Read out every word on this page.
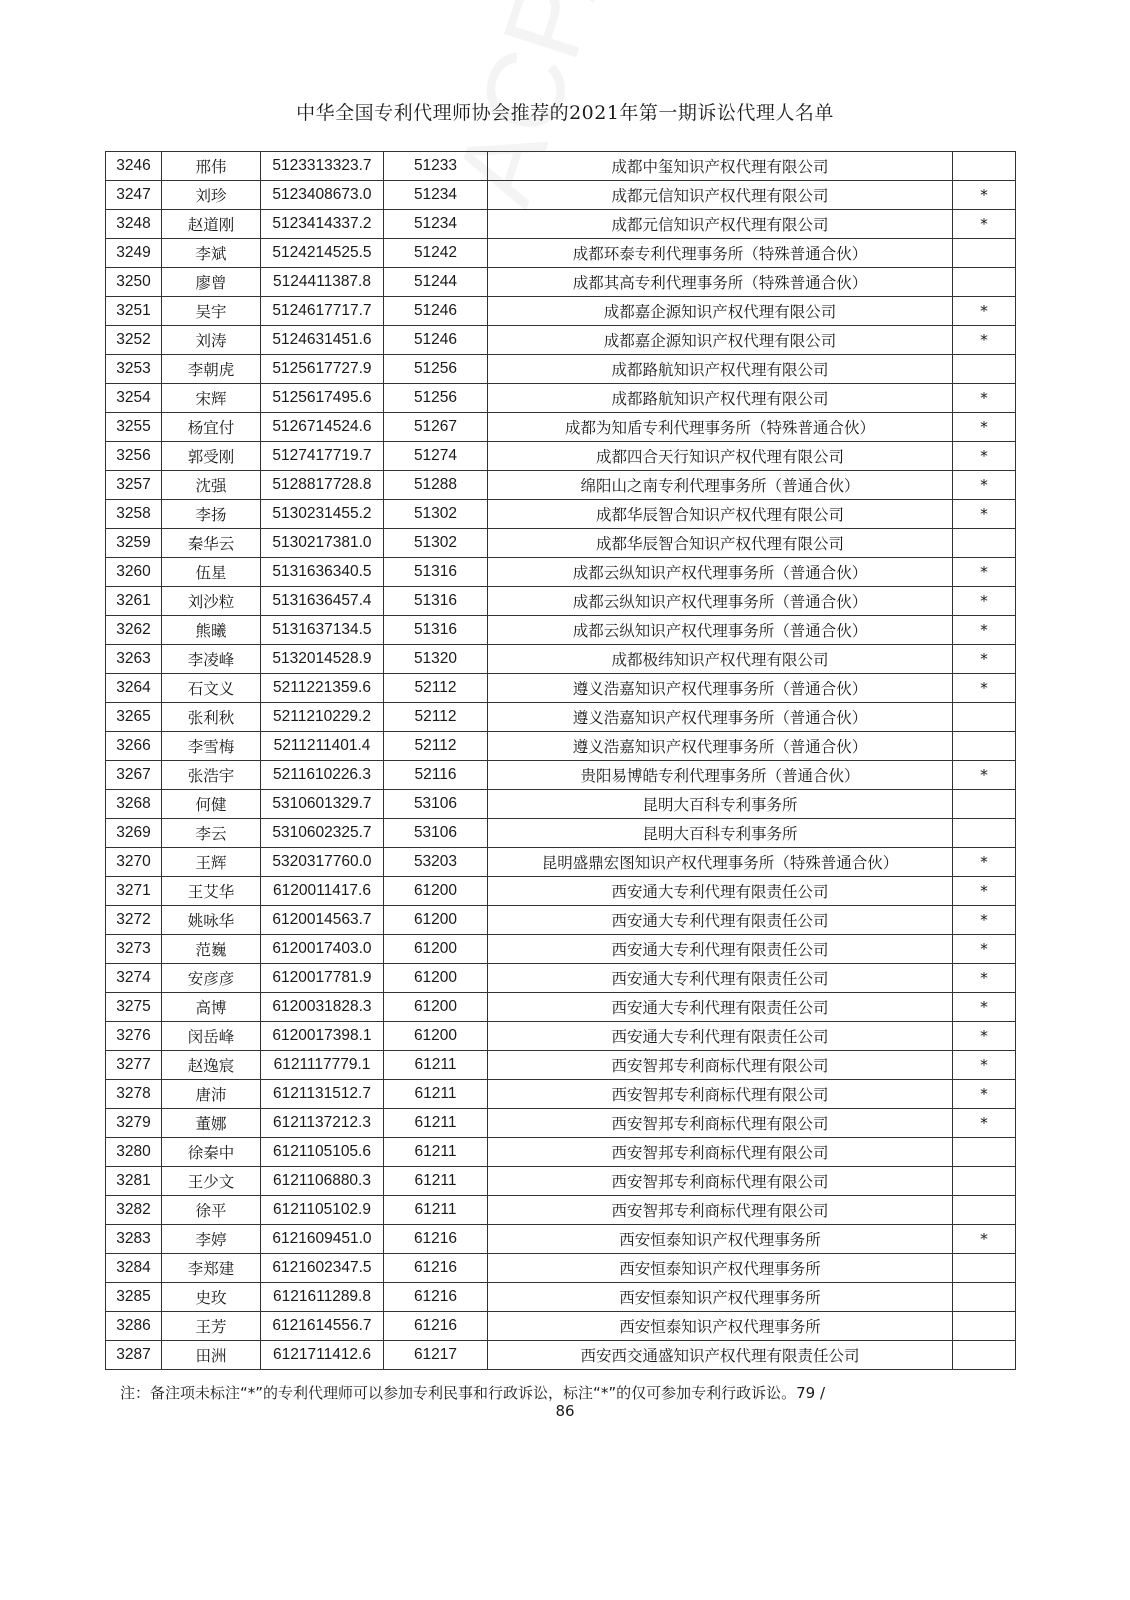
中华全国专利代理师协会推荐的2021年第一期诉讼代理人名单
3246	邢伟	5123313323.7	51233	成都中玺知识产权代理有限公司	
3247	刘珍	5123408673.0	51234	成都元信知识产权代理有限公司	*
3248	赵道刚	5123414337.2	51234	成都元信知识产权代理有限公司	*
3249	李斌	5124214525.5	51242	成都环泰专利代理事务所（特殊普通合伙）	
3250	廖曾	5124411387.8	51244	成都其高专利代理事务所（特殊普通合伙）	
3251	吴宇	5124617717.7	51246	成都嘉企源知识产权代理有限公司	*
3252	刘涛	5124631451.6	51246	成都嘉企源知识产权代理有限公司	*
3253	李朝虎	5125617727.9	51256	成都路航知识产权代理有限公司	
3254	宋辉	5125617495.6	51256	成都路航知识产权代理有限公司	*
3255	杨宜付	5126714524.6	51267	成都为知盾专利代理事务所（特殊普通合伙）	*
3256	郭受刚	5127417719.7	51274	成都四合天行知识产权代理有限公司	*
3257	沈强	5128817728.8	51288	绵阳山之南专利代理事务所（普通合伙）	*
3258	李扬	5130231455.2	51302	成都华辰智合知识产权代理有限公司	*
3259	秦华云	5130217381.0	51302	成都华辰智合知识产权代理有限公司	
3260	伍星	5131636340.5	51316	成都云纵知识产权代理事务所（普通合伙）	*
3261	刘沙粒	5131636457.4	51316	成都云纵知识产权代理事务所（普通合伙）	*
3262	熊曦	5131637134.5	51316	成都云纵知识产权代理事务所（普通合伙）	*
3263	李凌峰	5132014528.9	51320	成都极纬知识产权代理有限公司	*
3264	石文义	5211221359.6	52112	遵义浩嘉知识产权代理事务所（普通合伙）	*
3265	张利秋	5211210229.2	52112	遵义浩嘉知识产权代理事务所（普通合伙）	
3266	李雪梅	5211211401.4	52112	遵义浩嘉知识产权代理事务所（普通合伙）	
3267	张浩宇	5211610226.3	52116	贵阳易博皓专利代理事务所（普通合伙）	*
3268	何健	5310601329.7	53106	昆明大百科专利事务所	
3269	李云	5310602325.7	53106	昆明大百科专利事务所	
3270	王辉	5320317760.0	53203	昆明盛鼎宏图知识产权代理事务所（特殊普通合伙）	*
3271	王艾华	6120011417.6	61200	西安通大专利代理有限责任公司	*
3272	姚咏华	6120014563.7	61200	西安通大专利代理有限责任公司	*
3273	范巍	6120017403.0	61200	西安通大专利代理有限责任公司	*
3274	安彦彦	6120017781.9	61200	西安通大专利代理有限责任公司	*
3275	高博	6120031828.3	61200	西安通大专利代理有限责任公司	*
3276	闵岳峰	6120017398.1	61200	西安通大专利代理有限责任公司	*
3277	赵逸宸	6121117779.1	61211	西安智邦专利商标代理有限公司	*
3278	唐沛	6121131512.7	61211	西安智邦专利商标代理有限公司	*
3279	董娜	6121137212.3	61211	西安智邦专利商标代理有限公司	*
3280	徐秦中	6121105105.6	61211	西安智邦专利商标代理有限公司	
3281	王少文	6121106880.3	61211	西安智邦专利商标代理有限公司	
3282	徐平	6121105102.9	61211	西安智邦专利商标代理有限公司	
3283	李婷	6121609451.0	61216	西安恒泰知识产权代理事务所	*
3284	李郑建	6121602347.5	61216	西安恒泰知识产权代理事务所	
3285	史玫	6121611289.8	61216	西安恒泰知识产权代理事务所	
3286	王芳	6121614556.7	61216	西安恒泰知识产权代理事务所	
3287	田洲	6121711412.6	61217	西安西交通盛知识产权代理有限责任公司	
注：备注项未标注“*”的专利代理师可以参加专利民事和行政诉讼，标注“*”的仅可参加专利行政诉讼。79 /
86
